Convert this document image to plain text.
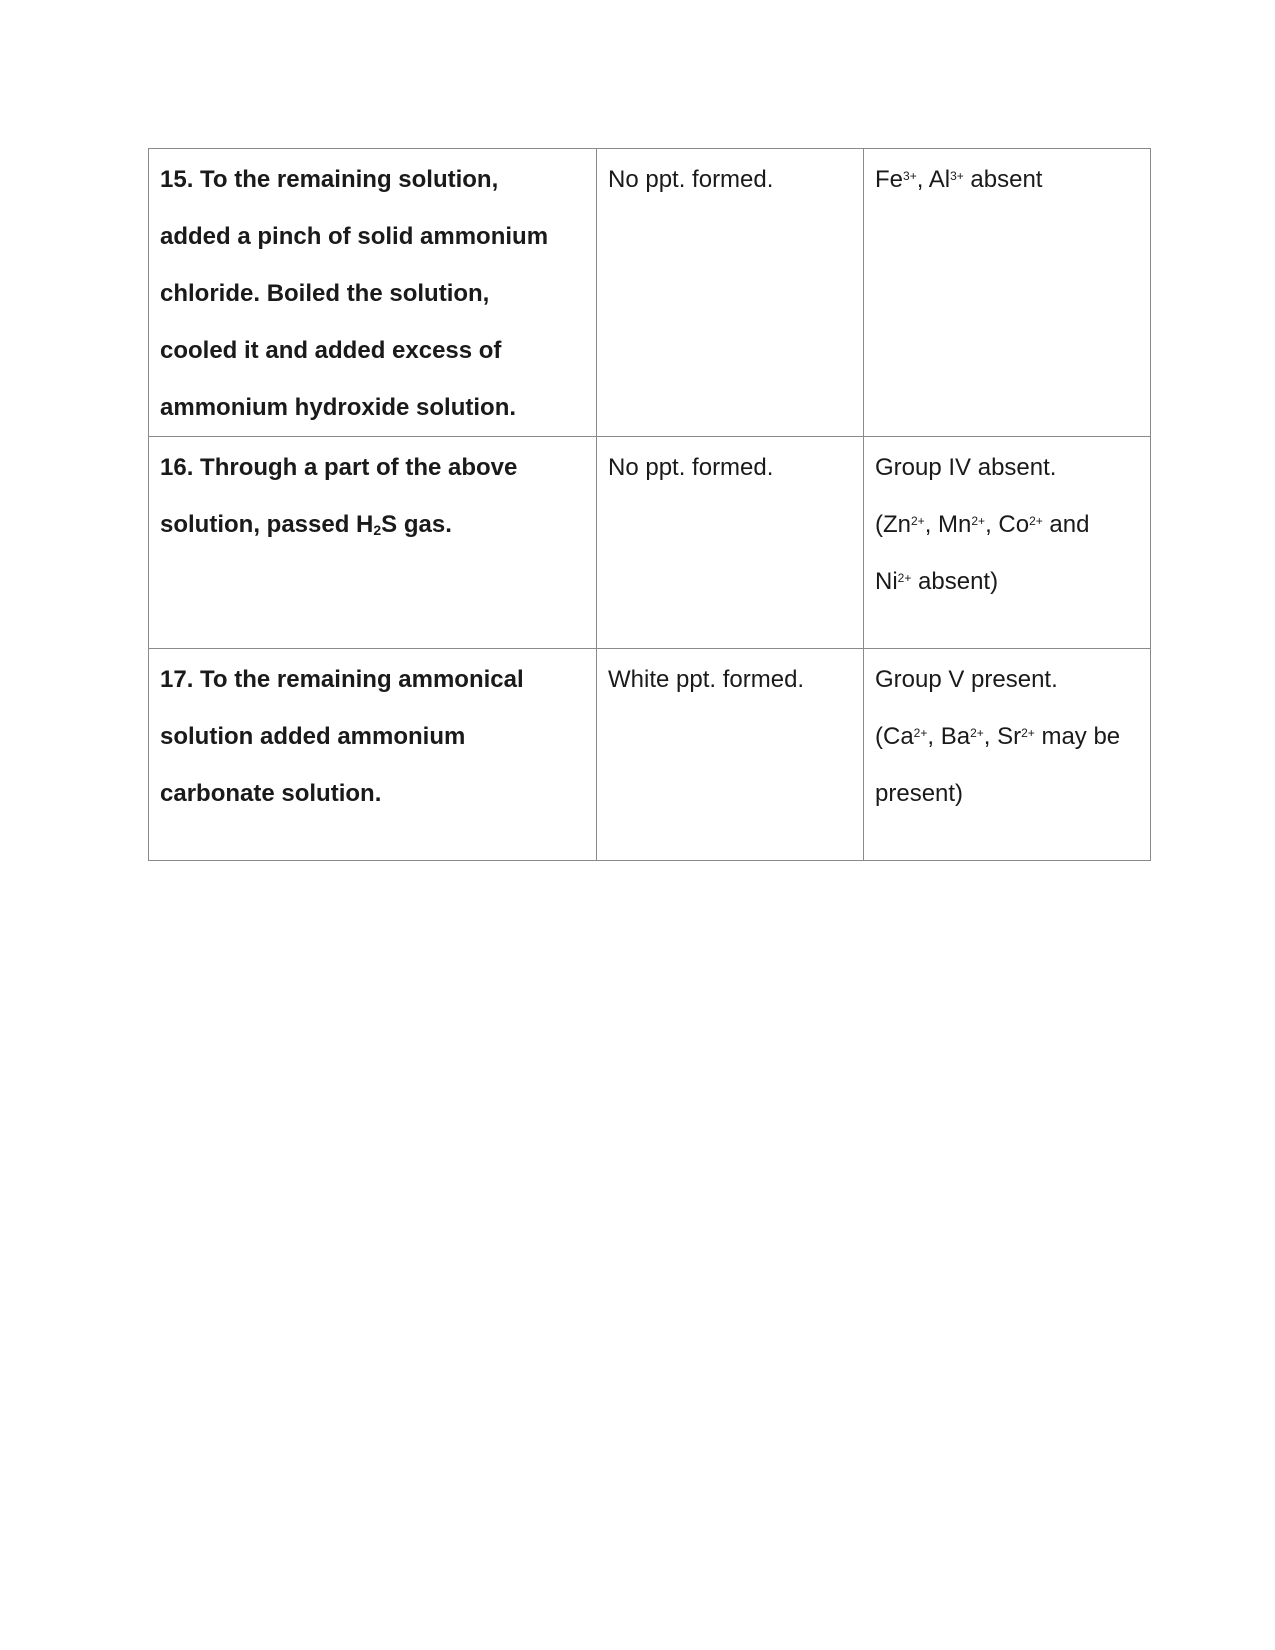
15. To the remaining solution,
added a pinch of solid ammonium
chloride. Boiled the solution,
cooled it and added excess of
ammonium hydroxide solution.	No ppt. formed.	$Fe^{3+}$, $Al^{3+}$ absent

16. Through a part of the above
solution, passed $H_2S$ gas.	No ppt. formed.	Group IV absent.
($Zn^{2+}$, $Mn^{2+}$, $Co^{2+}$ and
$Ni^{2+}$ absent)

17. To the remaining ammonical
solution added ammonium
carbonate solution.	White ppt. formed.	Group V present.
($Ca^{2+}$, $Ba^{2+}$, $Sr^{2+}$ may be
present)
